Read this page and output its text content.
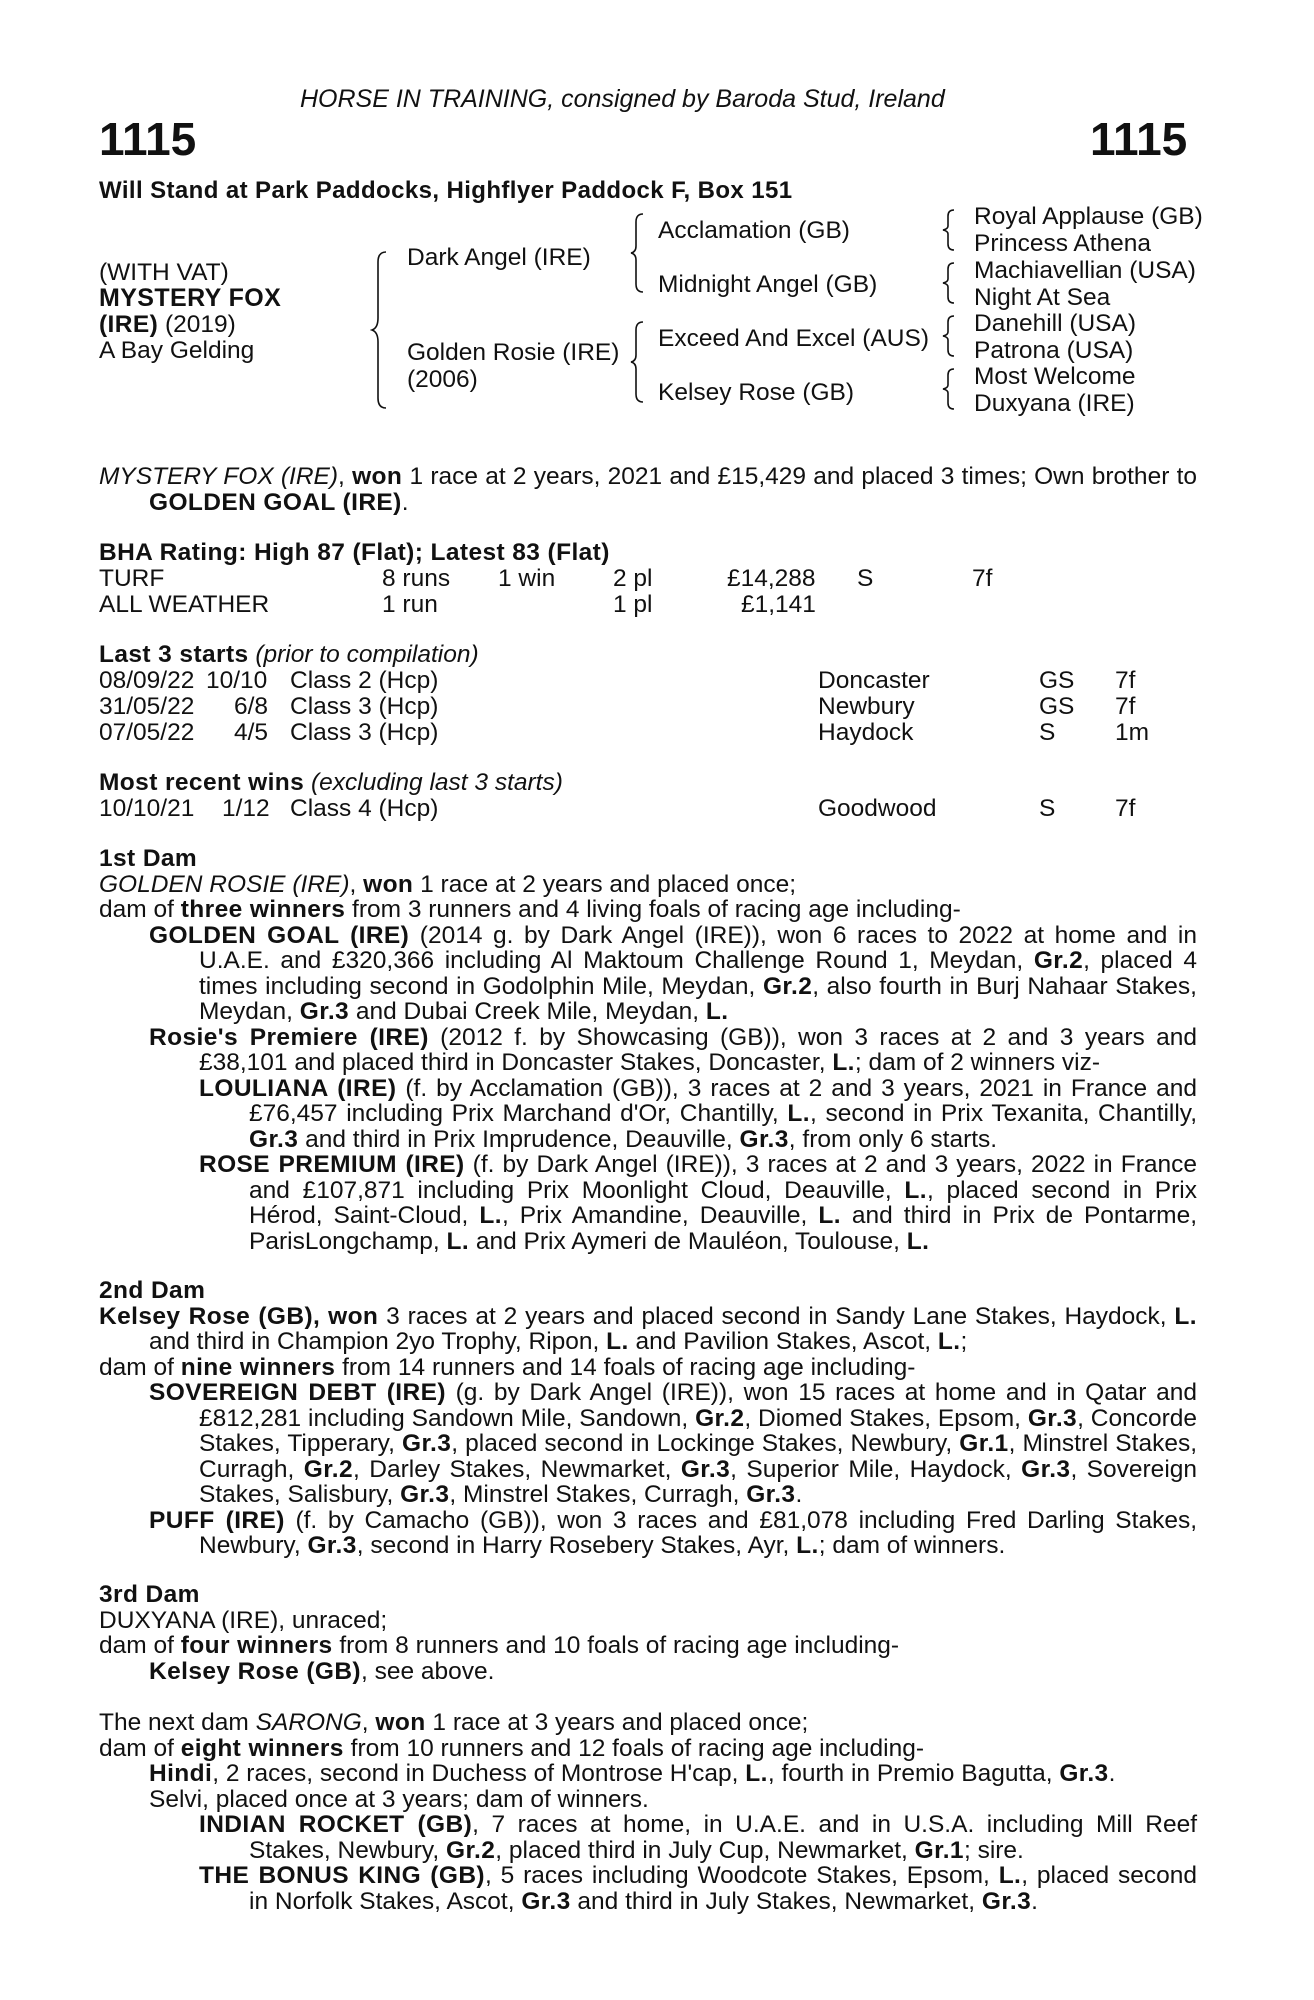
HORSE IN TRAINING, consigned by Baroda Stud, Ireland
1115	1115
Will Stand at Park Paddocks, Highflyer Paddock F, Box 151
(WITH VAT)
MYSTERY FOX
(IRE) (2019)
A Bay Gelding
Dark Angel (IRE)
Golden Rosie (IRE)
(2006)
Acclamation (GB)
Midnight Angel (GB)
Exceed And Excel (AUS)
Kelsey Rose (GB)
Royal Applause (GB)
Princess Athena
Machiavellian (USA)
Night At Sea
Danehill (USA)
Patrona (USA)
Most Welcome
Duxyana (IRE)

MYSTERY FOX (IRE), won 1 race at 2 years, 2021 and £15,429 and placed 3 times; Own brother to GOLDEN GOAL (IRE).

BHA Rating: High 87 (Flat); Latest 83 (Flat)
TURF	8 runs 1 win 2 pl	£14,288 S	7f
ALL WEATHER	1 run	1 pl	£1,141
Last 3 starts (prior to compilation)
08/09/22 10/10 Class 2 (Hcp)	Doncaster	GS 7f
31/05/22 6/8 Class 3 (Hcp)	Newbury	GS 7f
07/05/22 4/5 Class 3 (Hcp)	Haydock	S 1m
Most recent wins (excluding last 3 starts)
10/10/21 1/12 Class 4 (Hcp)	Goodwood	S 7f

1st Dam

GOLDEN ROSIE (IRE), won 1 race at 2 years and placed once;

dam of three winners from 3 runners and 4 living foals of racing age including-

GOLDEN GOAL (IRE) (2014 g. by Dark Angel (IRE)), won 6 races to 2022 at home and in U.A.E. and £320,366 including Al Maktoum Challenge Round 1, Meydan, Gr.2, placed 4 times including second in Godolphin Mile, Meydan, Gr.2, also fourth in Burj Nahaar Stakes, Meydan, Gr.3 and Dubai Creek Mile, Meydan, L.

Rosie's Premiere (IRE) (2012 f. by Showcasing (GB)), won 3 races at 2 and 3 years and £38,101 and placed third in Doncaster Stakes, Doncaster, L.; dam of 2 winners viz-

LOULIANA (IRE) (f. by Acclamation (GB)), 3 races at 2 and 3 years, 2021 in France and £76,457 including Prix Marchand d'Or, Chantilly, L., second in Prix Texanita, Chantilly, Gr.3 and third in Prix Imprudence, Deauville, Gr.3, from only 6 starts.

ROSE PREMIUM (IRE) (f. by Dark Angel (IRE)), 3 races at 2 and 3 years, 2022 in France and £107,871 including Prix Moonlight Cloud, Deauville, L., placed second in Prix Hérod, Saint-Cloud, L., Prix Amandine, Deauville, L. and third in Prix de Pontarme, ParisLongchamp, L. and Prix Aymeri de Mauléon, Toulouse, L.

2nd Dam

Kelsey Rose (GB), won 3 races at 2 years and placed second in Sandy Lane Stakes, Haydock, L. and third in Champion 2yo Trophy, Ripon, L. and Pavilion Stakes, Ascot, L.;

dam of nine winners from 14 runners and 14 foals of racing age including-

SOVEREIGN DEBT (IRE) (g. by Dark Angel (IRE)), won 15 races at home and in Qatar and £812,281 including Sandown Mile, Sandown, Gr.2, Diomed Stakes, Epsom, Gr.3, Concorde Stakes, Tipperary, Gr.3, placed second in Lockinge Stakes, Newbury, Gr.1, Minstrel Stakes, Curragh, Gr.2, Darley Stakes, Newmarket, Gr.3, Superior Mile, Haydock, Gr.3, Sovereign Stakes, Salisbury, Gr.3, Minstrel Stakes, Curragh, Gr.3.

PUFF (IRE) (f. by Camacho (GB)), won 3 races and £81,078 including Fred Darling Stakes, Newbury, Gr.3, second in Harry Rosebery Stakes, Ayr, L.; dam of winners.

3rd Dam

DUXYANA (IRE), unraced;

dam of four winners from 8 runners and 10 foals of racing age including-

Kelsey Rose (GB), see above.

The next dam SARONG, won 1 race at 3 years and placed once;

dam of eight winners from 10 runners and 12 foals of racing age including-

Hindi, 2 races, second in Duchess of Montrose H'cap, L., fourth in Premio Bagutta, Gr.3.

Selvi, placed once at 3 years; dam of winners.

INDIAN ROCKET (GB), 7 races at home, in U.A.E. and in U.S.A. including Mill Reef Stakes, Newbury, Gr.2, placed third in July Cup, Newmarket, Gr.1; sire.

THE BONUS KING (GB), 5 races including Woodcote Stakes, Epsom, L., placed second in Norfolk Stakes, Ascot, Gr.3 and third in July Stakes, Newmarket, Gr.3.
